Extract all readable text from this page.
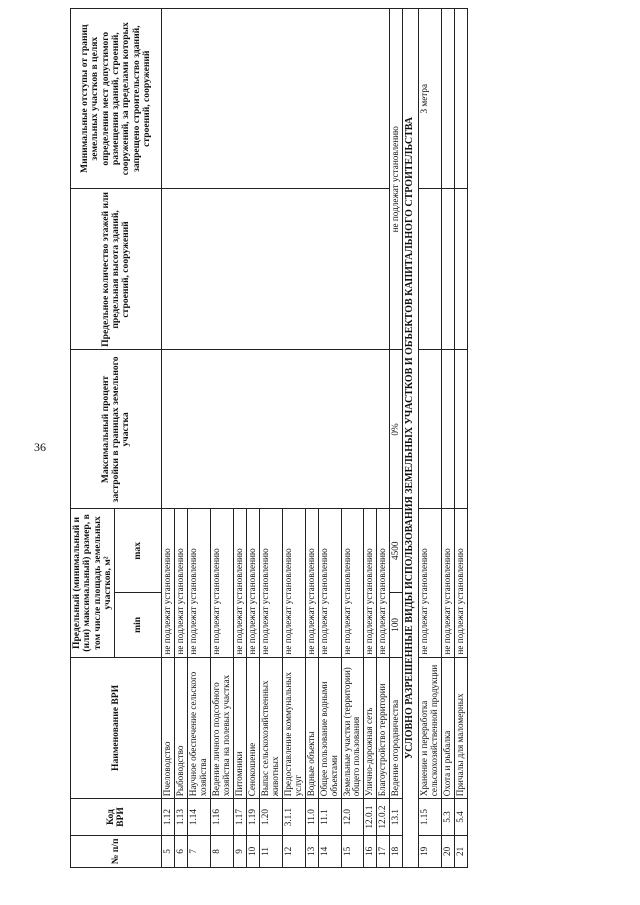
36
№ п/п	Код ВРИ	Наименование ВРИ	Предельный (минимальный и (или) максимальный) размер, в том числе площадь земельных участков, м²		Максимальный процент застройки в границах земельного участка	Предельное количество этажей или предельная высота зданий, строений, сооружений	Минимальные отступы от границ земельных участков в целях определения мест допустимого размещения зданий, строений, сооружений, за пределами которых запрещено строительство зданий, строений, сооружений
			min	max			
5	1.12	Пчеловодство	не подлежат установлению				
6	1.13	Рыбоводство	не подлежат установлению				
7	1.14	Научное обеспечение сельского хозяйства	не подлежат установлению				
8	1.16	Ведение личного подсобного хозяйства на полевых участках	не подлежат установлению				
9	1.17	Питомники	не подлежат установлению				
10	1.19	Сенокошение	не подлежат установлению				
11	1.20	Выпас сельскохозяйственных животных	не подлежат установлению				
12	3.1.1	Предоставление коммунальных услуг	не подлежат установлению				
13	11.0	Водные объекты	не подлежат установлению				
14	11.1	Общее пользование водными объектами	не подлежат установлению				
15	12.0	Земельные участки (территории) общего пользования	не подлежат установлению				
16	12.0.1	Улично-дорожная сеть	не подлежат установлению				
17	12.0.2	Благоустройство территории	не подлежат установлению				
18	13.1	Ведение огородничества	100	4500	0%	не подлежат установлению	
УСЛОВНО РАЗРЕШЕННЫЕ ВИДЫ ИСПОЛЬЗОВАНИЯ ЗЕМЕЛЬНЫХ УЧАСТКОВ И ОБЪЕКТОВ КАПИТАЛЬНОГО СТРОИТЕЛЬСТВА							
19	1.15	Хранение и переработка сельскохозяйственной продукции	не подлежат установлению				3 метра
20	5.3	Охота и рыбалка	не подлежат установлению				
21	5.4	Причалы для маломерных	не подлежат установлению				
